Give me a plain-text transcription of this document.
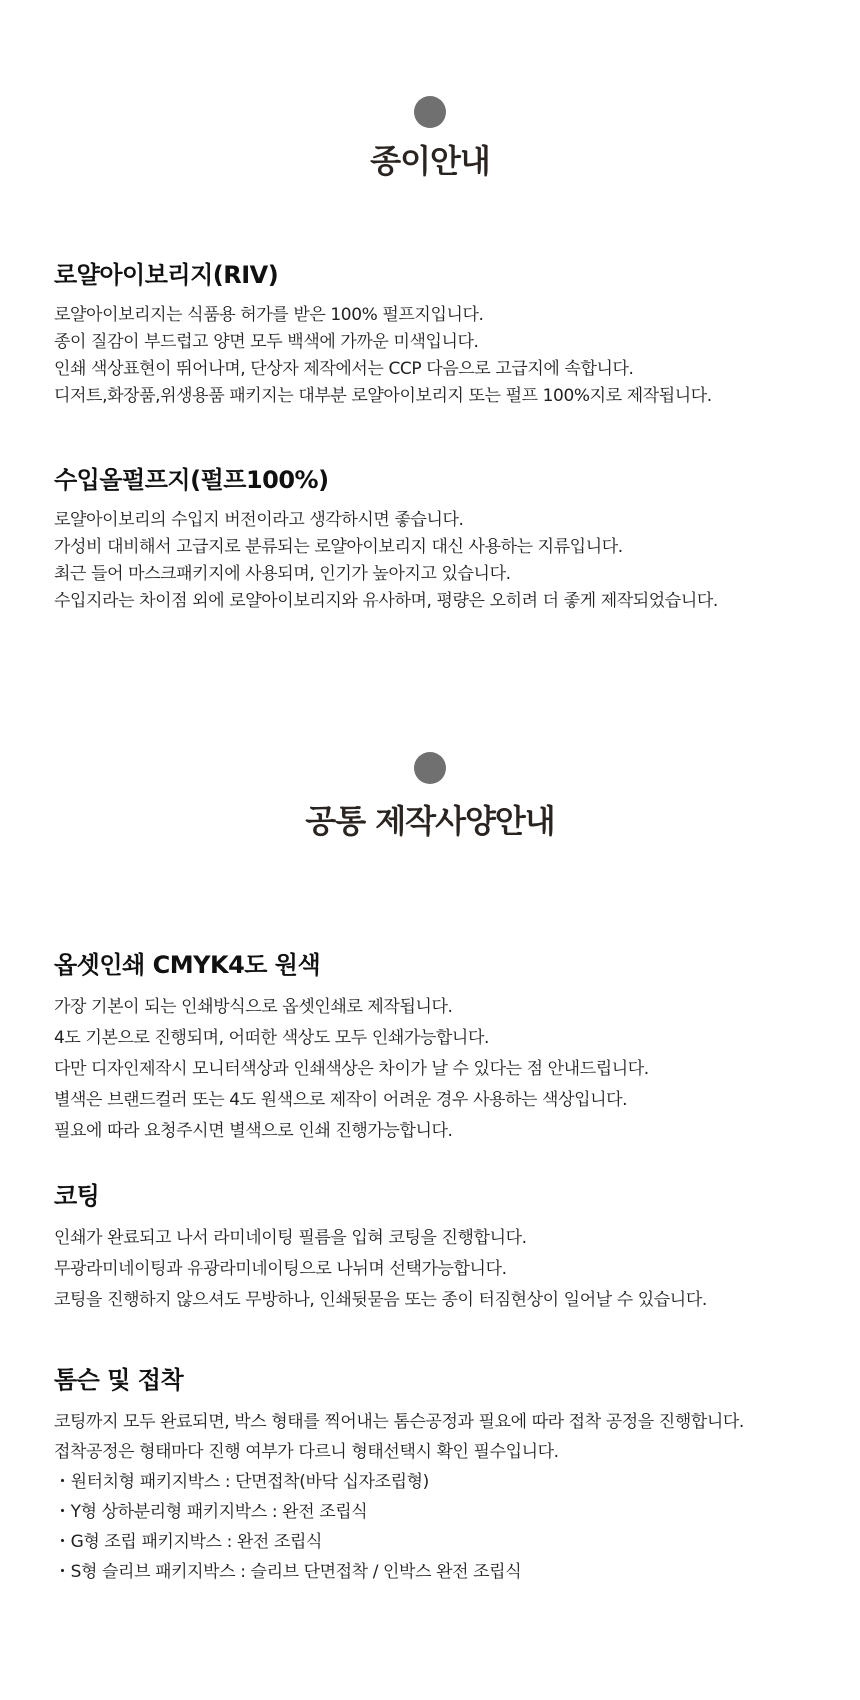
종이안내
로얄아이보리지(RIV)
로얄아이보리지는 식품용 허가를 받은 100% 펄프지입니다.
종이 질감이 부드럽고 양면 모두 백색에 가까운 미색입니다.
인쇄 색상표현이 뛰어나며, 단상자 제작에서는 CCP 다음으로 고급지에 속합니다.
디저트,화장품,위생용품 패키지는 대부분 로얄아이보리지 또는 펄프 100%지로 제작됩니다.
수입올펄프지(펄프100%)
로얄아이보리의 수입지 버전이라고 생각하시면 좋습니다.
가성비 대비해서 고급지로 분류되는 로얄아이보리지 대신 사용하는 지류입니다.
최근 들어 마스크패키지에 사용되며, 인기가 높아지고 있습니다.
수입지라는 차이점 외에 로얄아이보리지와 유사하며, 평량은 오히려 더 좋게 제작되었습니다.
공통 제작사양안내
옵셋인쇄 CMYK4도 원색
가장 기본이 되는 인쇄방식으로 옵셋인쇄로 제작됩니다.
4도 기본으로 진행되며, 어떠한 색상도 모두 인쇄가능합니다.
다만 디자인제작시 모니터색상과 인쇄색상은 차이가 날 수 있다는 점 안내드립니다.
별색은 브랜드컬러 또는 4도 원색으로 제작이 어려운 경우 사용하는 색상입니다.
필요에 따라 요청주시면 별색으로 인쇄 진행가능합니다.
코팅
인쇄가 완료되고 나서 라미네이팅 필름을 입혀 코팅을 진행합니다.
무광라미네이팅과 유광라미네이팅으로 나뉘며 선택가능합니다.
코팅을 진행하지 않으셔도 무방하나, 인쇄뒷묻음 또는 종이 터짐현상이 일어날 수 있습니다.
톰슨 및 접착
코팅까지 모두 완료되면, 박스 형태를 찍어내는 톰슨공정과 필요에 따라 접착 공정을 진행합니다.
접착공정은 형태마다 진행 여부가 다르니 형태선택시 확인 필수입니다.
・ 원터치형 패키지박스 : 단면접착(바닥 십자조립형)
・ Y형 상하분리형 패키지박스 : 완전 조립식
・ G형 조립 패키지박스 : 완전 조립식
・ S형 슬리브 패키지박스 : 슬리브 단면접착 / 인박스 완전 조립식
